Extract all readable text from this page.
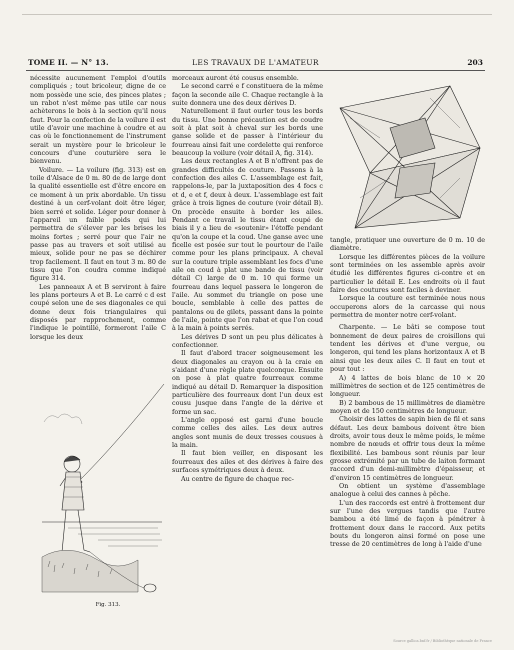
TOME II. — N° 13.	LES TRAVAUX DE L'AMATEUR	203

nécessite aucunement l'emploi d'outils compliqués ; tout bricoleur, digne de ce nom possède une scie, des pinces plates ; un rabot n'est même pas utile car nous achèterons le bois à la section qu'il nous faut. Pour la confection de la voilure il est utile d'avoir une machine à coudre et au cas où le fonctionnement de l'instrument serait un mystère pour le bricoleur le concours d'une couturière sera le bienvenu.

Voilure. — La voilure (fig. 313) est en toile d'Alsace de 0 m. 80 de de large dont la qualité essentielle est d'être encore en ce moment à un prix abordable. Un tissu destiné à un cerf-volant doit être léger, bien serré et solide. Léger pour donner à l'appareil un faible poids qui lui permettra de s'élever par les brises les moins fortes ; serré pour que l'air ne passe pas au travers et soit utilisé au mieux, solide pour ne pas se déchirer trop facilement. Il faut en tout 3 m. 80 de tissu que l'on coudra comme indiqué figure 314.

Les panneaux A et B serviront à faire les plans porteurs A et B. Le carré c d est coupé selon une de ses diagonales ce qui donne deux fois triangulaires qui disposés par rapprochement, comme l'indique le pointillé, formeront l'aile C lorsque les deux

Fig. 313.

morceaux auront été cousus ensemble.

Le second carré e f constituera de la même façon la seconde aile C. Chaque rectangle à la suite donnera une des deux dérives D.

Naturellement il faut ourler tous les bords du tissu. Une bonne précaution est de coudre soit à plat soit à cheval sur les bords une ganse solide et de passer à l'intérieur du fourreau ainsi fait une cordelette qui renforce beaucoup la voilure (voir détail A, fig. 314).

Les deux rectangles A et B n'offrent pas de grandes difficultés de couture. Passons à la confection des ailes C. L'assemblage est fait, rappelons-le, par la juxtaposition des 4 focs c et d, e et f, deux à deux. L'assemblage est fait grâce à trois lignes de couture (voir détail B). On procède ensuite à border les ailes. Pendant ce travail le tissu étant coupé de biais il y a lieu de «soutenir» l'étoffe pendant qu'on la coupe et la coud. Une ganse avec une ficelle est posée sur tout le pourtour de l'aile comme pour les plans principaux. A cheval sur la couture triple assemblant les focs d'une aile on coud à plat une bande de tissu (voir détail C) large de 0 m. 10 qui forme un fourreau dans lequel passera le longeron de l'aile. Au sommet du triangle on pose une boucle, semblable à celle des pattes de pantalons ou de gilets, passant dans la pointe de l'aile, pointe que l'on rabat et que l'on coud à la main à points serrés.

Les dérives D sont un peu plus délicates à confectionner.

Il faut d'abord tracer soigneusement les deux diagonales au crayon ou à la craie en s'aidant d'une règle plate quelconque. Ensuite on pose à plat quatre fourreaux comme indiqué au détail D. Remarquer la disposition particulière des fourreaux dont l'un deux est cousu jusque dans l'angle de la dérive et forme un sac.

L'angle opposé est garni d'une boucle comme celles des ailes. Les deux autres angles sont munis de deux tresses cousues à la main.

Il faut bien veiller, en disposant les fourreaux des ailes et des dérives à faire des surfaces symétriques deux à deux.

Au centre de figure de chaque rec-

tangle, pratiquer une ouverture de 0 m. 10 de diamètre.

Lorsque les différentes pièces de la voilure sont terminées on les assemble après avoir étudié les différentes figures ci-contre et en particulier le détail E. Les endroits où il faut faire des coutures sont faciles à deviner.

Lorsque la couture est terminée nous nous occuperons alors de la carcasse qui nous permettra de monter notre cerf-volant.

Charpente. — Le bâti se compose tout bonnement de deux paires de croisillons qui tendent les dérives et d'une vergue, ou longeron, qui tend les plans horizontaux A et B ainsi que les deux ailes C. Il faut en tout et pour tout :

A) 4 lattes de bois blanc de 10 × 20 millimètres de section et de 125 centimètres de longueur.

B) 2 bambous de 15 millimètres de diamètre moyen et de 150 centimètres de longueur.

Choisir des lattes de sapin bien de fil et sans défaut. Les deux bambous doivent être bien droits, avoir tous deux le même poids, le même nombre de nœuds et offrir tous deux la même flexibilité. Les bambous sont réunis par leur grosse extrémité par un tube de laiton formant raccord d'un demi-millimètre d'épaisseur, et d'environ 15 centimètres de longueur.

On obtient un système d'assemblage analogue à celui des cannes à pêche.

L'un des raccords est entré à frottement dur sur l'une des vergues tandis que l'autre bambou a été limé de façon à pénétrer à frottement doux dans le raccord. Aux petits bouts du longeron ainsi formé on pose une tresse de 20 centimètres de long à l'aide d'une

Source gallica.bnf.fr / Bibliothèque nationale de France
